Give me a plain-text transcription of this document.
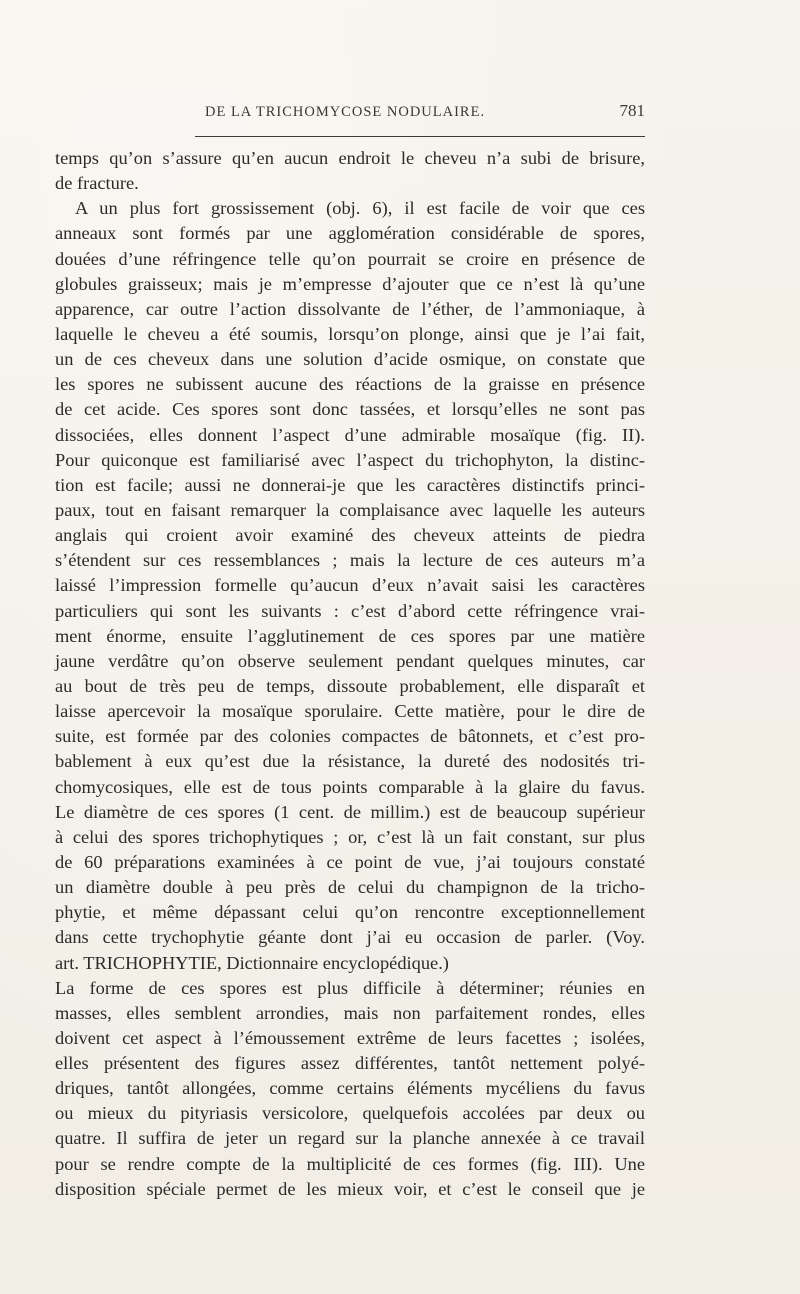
DE LA TRICHOMYCOSE NODULAIRE.	781
temps qu’on s’assure qu’en aucun endroit le cheveu n’a subi de brisure,
de fracture.
A un plus fort grossissement (obj. 6), il est facile de voir que ces
anneaux sont formés par une agglomération considérable de spores,
douées d’une réfringence telle qu’on pourrait se croire en présence de
globules graisseux; mais je m’empresse d’ajouter que ce n’est là qu’une
apparence, car outre l’action dissolvante de l’éther, de l’ammoniaque, à
laquelle le cheveu a été soumis, lorsqu’on plonge, ainsi que je l’ai fait,
un de ces cheveux dans une solution d’acide osmique, on constate que
les spores ne subissent aucune des réactions de la graisse en présence
de cet acide. Ces spores sont donc tassées, et lorsqu’elles ne sont pas
dissociées, elles donnent l’aspect d’une admirable mosaïque (fig. II).
Pour quiconque est familiarisé avec l’aspect du trichophyton, la distinc-
tion est facile; aussi ne donnerai-je que les caractères distinctifs princi-
paux, tout en faisant remarquer la complaisance avec laquelle les auteurs
anglais qui croient avoir examiné des cheveux atteints de piedra
s’étendent sur ces ressemblances ; mais la lecture de ces auteurs m’a
laissé l’impression formelle qu’aucun d’eux n’avait saisi les caractères
particuliers qui sont les suivants : c’est d’abord cette réfringence vrai-
ment énorme, ensuite l’agglutinement de ces spores par une matière
jaune verdâtre qu’on observe seulement pendant quelques minutes, car
au bout de très peu de temps, dissoute probablement, elle disparaît et
laisse apercevoir la mosaïque sporulaire. Cette matière, pour le dire de
suite, est formée par des colonies compactes de bâtonnets, et c’est pro-
bablement à eux qu’est due la résistance, la dureté des nodosités tri-
chomycosiques, elle est de tous points comparable à la glaire du favus.
Le diamètre de ces spores (1 cent. de millim.) est de beaucoup supérieur
à celui des spores trichophytiques ; or, c’est là un fait constant, sur plus
de 60 préparations examinées à ce point de vue, j’ai toujours constaté
un diamètre double à peu près de celui du champignon de la tricho-
phytie, et même dépassant celui qu’on rencontre exceptionnellement
dans cette trychophytie géante dont j’ai eu occasion de parler. (Voy.
art. TRICHOPHYTIE, Dictionnaire encyclopédique.)
La forme de ces spores est plus difficile à déterminer; réunies en
masses, elles semblent arrondies, mais non parfaitement rondes, elles
doivent cet aspect à l’émoussement extrême de leurs facettes ; isolées,
elles présentent des figures assez différentes, tantôt nettement polyé-
driques, tantôt allongées, comme certains éléments mycéliens du favus
ou mieux du pityriasis versicolore, quelquefois accolées par deux ou
quatre. Il suffira de jeter un regard sur la planche annexée à ce travail
pour se rendre compte de la multiplicité de ces formes (fig. III). Une
disposition spéciale permet de les mieux voir, et c’est le conseil que je
